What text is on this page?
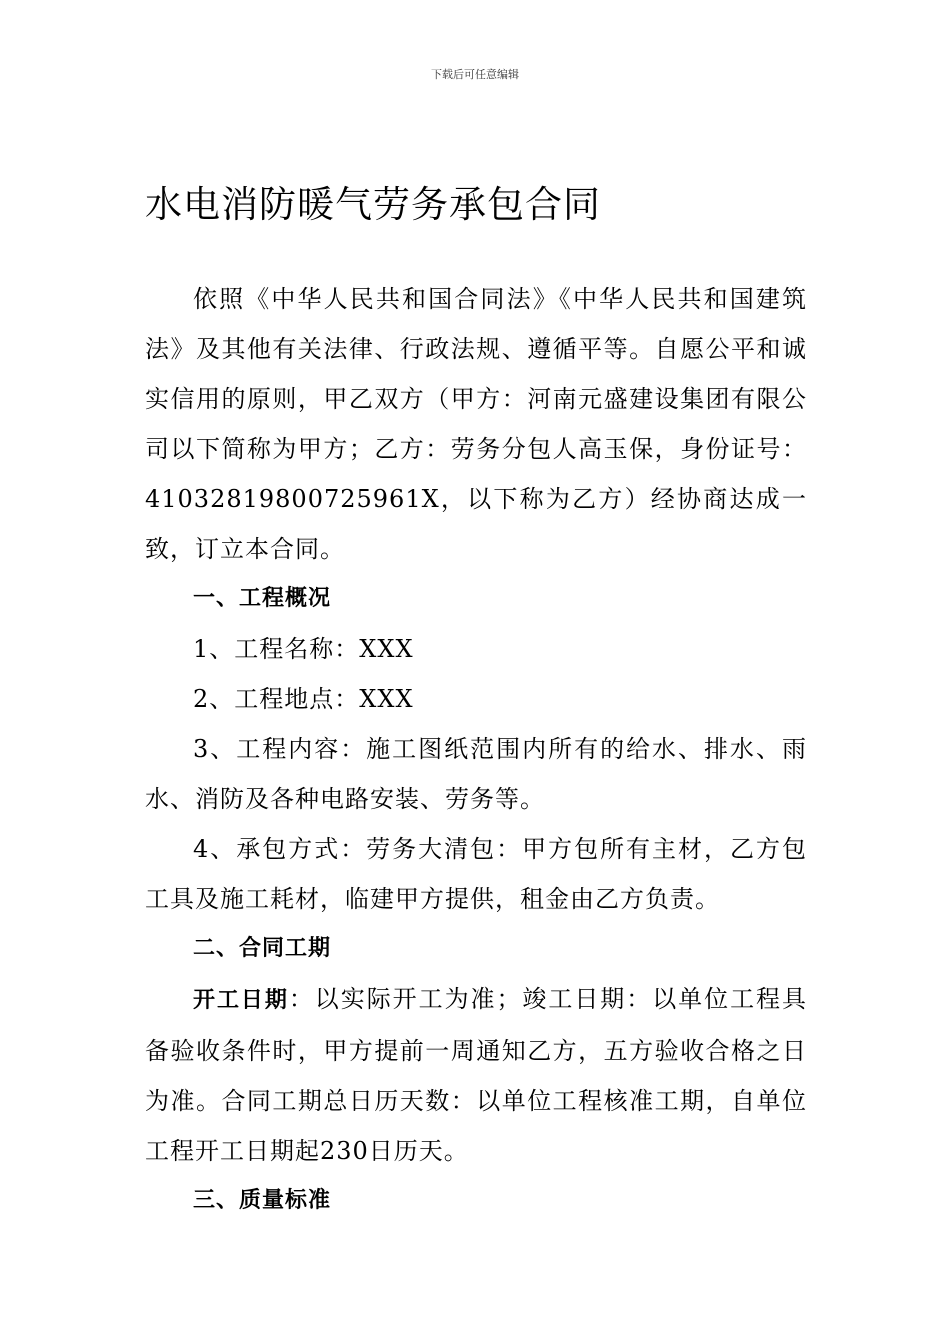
下载后可任意编辑
水电消防暖气劳务承包合同

依照《中华人民共和国合同法》《中华人民共和国建筑法》及其他有关法律、行政法规、遵循平等。自愿公平和诚实信用的原则，甲乙双方（甲方：河南元盛建设集团有限公司以下简称为甲方；乙方：劳务分包人高玉保，身份证号：41032819800725961X，以下称为乙方）经协商达成一致，订立本合同。

一、工程概况

1、工程名称：XXX

2、工程地点：XXX

3、工程内容：施工图纸范围内所有的给水、排水、雨水、消防及各种电路安装、劳务等。

4、承包方式：劳务大清包：甲方包所有主材，乙方包工具及施工耗材，临建甲方提供，租金由乙方负责。

二、合同工期

开工日期：以实际开工为准；竣工日期：以单位工程具备验收条件时，甲方提前一周通知乙方，五方验收合格之日为准。合同工期总日历天数：以单位工程核准工期，自单位工程开工日期起230日历天。

三、质量标准
